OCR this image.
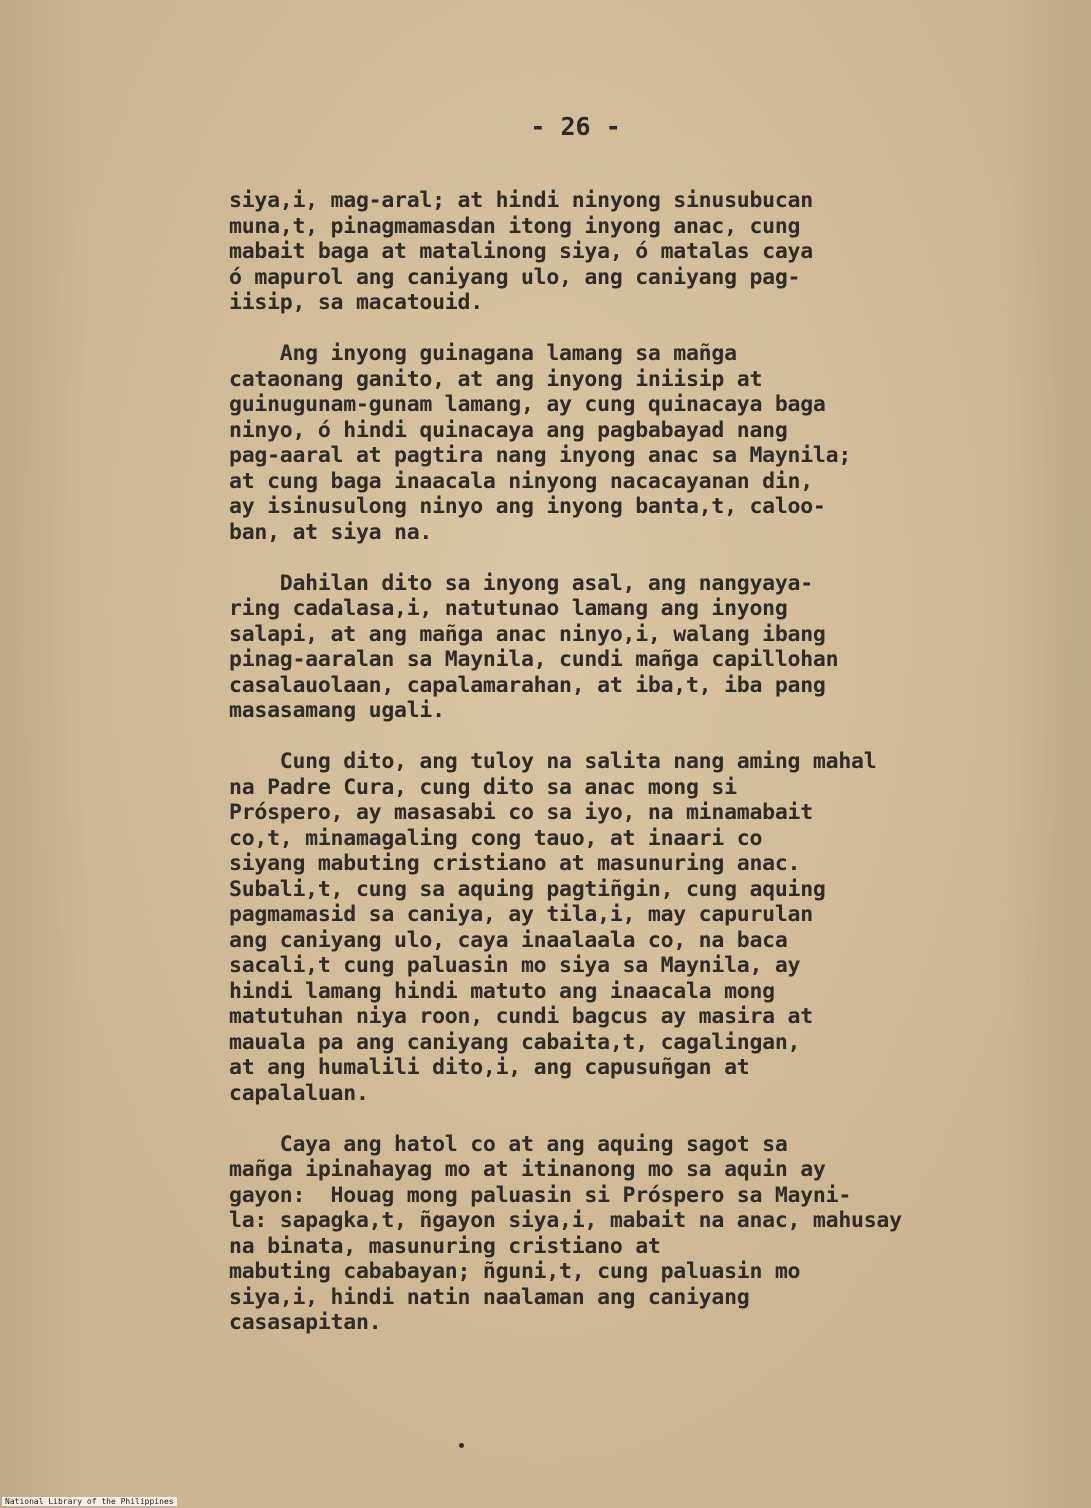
- 26 -
siya,i, mag-aral; at hindi ninyong sinusubucan
muna,t, pinagmamasdan itong inyong anac, cung
mabait baga at matalinong siya, ó matalas caya
ó mapurol ang caniyang ulo, ang caniyang pag-
iisip, sa macatouid.
Ang inyong guinagana lamang sa mañga
cataonang ganito, at ang inyong iniisip at
guinugunam-gunam lamang, ay cung quinacaya baga
ninyo, ó hindi quinacaya ang pagbabayad nang
pag-aaral at pagtira nang inyong anac sa Maynila;
at cung baga inaacala ninyong nacacayanan din,
ay isinusulong ninyo ang inyong banta,t, caloo-
ban, at siya na.
Dahilan dito sa inyong asal, ang nangyaya-
ring cadalasa,i, natutunao lamang ang inyong
salapi, at ang mañga anac ninyo,i, walang ibang
pinag-aaralan sa Maynila, cundi mañga capillohan
casalauolaan, capalamarahan, at iba,t, iba pang
masasamang ugali.
Cung dito, ang tuloy na salita nang aming mahal
na Padre Cura, cung dito sa anac mong si
Próspero, ay masasabi co sa iyo, na minamabait
co,t, minamagaling cong tauo, at inaari co
siyang mabuting cristiano at masunuring anac.
Subali,t, cung sa aquing pagtiñgin, cung aquing
pagmamasid sa caniya, ay tila,i, may capurulan
ang caniyang ulo, caya inaalaala co, na baca
sacali,t cung paluasin mo siya sa Maynila, ay
hindi lamang hindi matuto ang inaacala mong
matutuhan niya roon, cundi bagcus ay masira at
mauala pa ang caniyang cabaita,t, cagalingan,
at ang humalili dito,i, ang capusuñgan at
capalaluan.
Caya ang hatol co at ang aquing sagot sa
mañga ipinahayag mo at itinanong mo sa aquin ay
gayon:  Houag mong paluasin si Próspero sa Mayni-
la: sapagka,t, ñgayon siya,i, mabait na anac, mahusay
na binata, masunuring cristiano at
mabuting cababayan; ñguni,t, cung paluasin mo
siya,i, hindi natin naalaman ang caniyang
casasapitan.
National Library of the Philippines
